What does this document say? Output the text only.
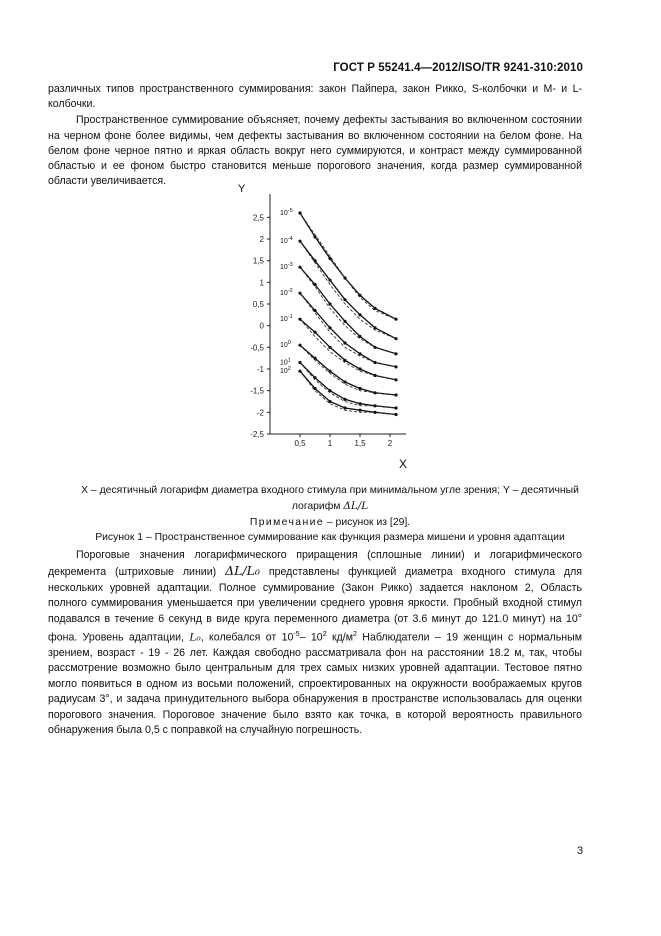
ГОСТ Р 55241.4—2012/ISO/TR 9241-310:2010

различных типов пространственного суммирования: закон Пайпера, закон Рикко, S-колбочки и M- и L-колбочки.

Пространственное суммирование объясняет, почему дефекты застывания во включенном состоянии на черном фоне более видимы, чем дефекты застывания во включенном состоянии на белом фоне. На белом фоне черное пятно и яркая область вокруг него суммируются, и контраст между суммированной областью и ее фоном быстро становится меньше порогового значения, когда размер суммированной области увеличивается.

2,5
2
1,5
1
0,5
0
-0,5
-1
-1,5
-2
-2,5
0,5	1	1,5	2
Y
X
$10^{-5}$
$10^{-4}$
$10^{-3}$
$10^{-2}$
$10^{-1}$
$10^0$
$10^1$
$10^2$
X – десятичный логарифм диаметра входного стимула при минимальном угле зрения; Y – десятичный
логарифм ΔL/L
Примечание – рисунок из [29].
Рисунок 1 – Пространственное суммирование как функция размера мишени и уровня адаптации

Пороговые значения логарифмического приращения (сплошные линии) и логарифмического декремента (штриховые линии) ΔL/L₀ представлены функцией диаметра входного стимула для нескольких уровней адаптации. Полное суммирование (Закон Рикко) задается наклоном 2, Область полного суммирования уменьшается при увеличении среднего уровня яркости. Пробный входной стимул подавался в течение 6 секунд в виде круга переменного диаметра (от 3.6 минут до 121.0 минут) на 10° фона. Уровень адаптации, L₀, колебался от $10^{-5}-$ $10^2$ $кд/м^2$ Наблюдатели – 19 женщин с нормальным зрением, возраст - 19 - 26 лет. Каждая свободно рассматривала фон на расстоянии 18.2 м, так, чтобы рассмотрение возможно было центральным для трех самых низких уровней адаптации. Тестовое пятно могло появиться в одном из восьми положений, спроектированных на окружности воображаемых кругов радиусам 3°, и задача принудительного выбора обнаружения в пространстве использовалась для оценки порогового значения. Пороговое значение было взято как точка, в которой вероятность правильного обнаружения была 0,5 с поправкой на случайную погрешность.

3
